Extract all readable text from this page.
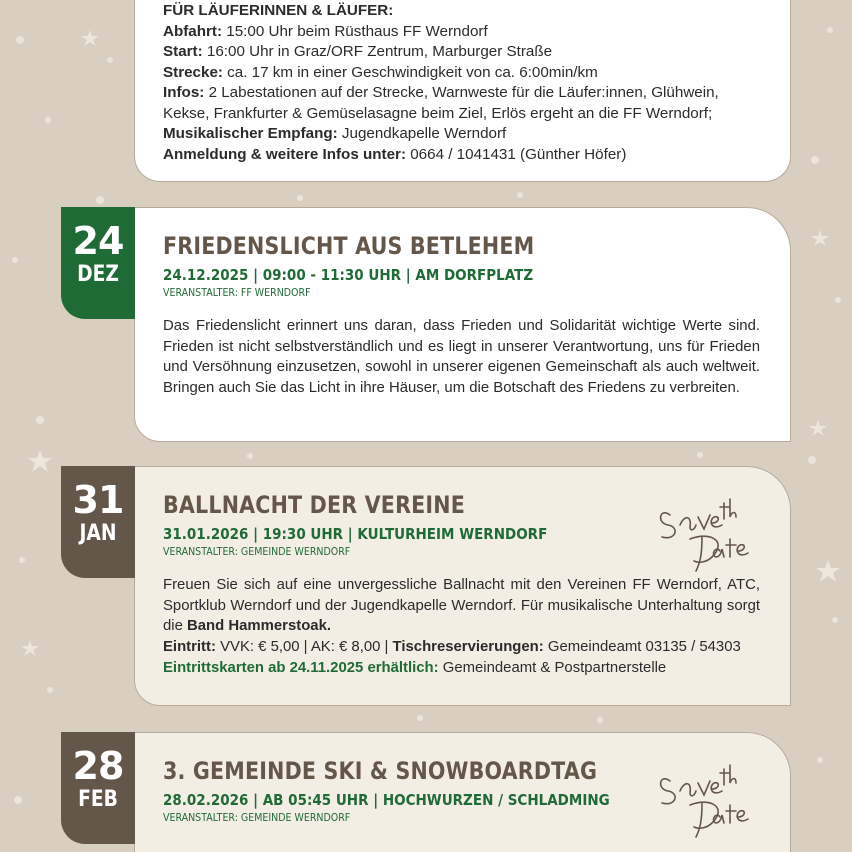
FÜR LÄUFERINNEN & LÄUFER:
Abfahrt: 15:00 Uhr beim Rüsthaus FF Werndorf
Start: 16:00 Uhr in Graz/ORF Zentrum, Marburger Straße
Strecke: ca. 17 km in einer Geschwindigkeit von ca. 6:00min/km
Infos: 2 Labestationen auf der Strecke, Warnweste für die Läufer:innen, Glühwein,
Kekse, Frankfurter & Gemüselasagne beim Ziel, Erlös ergeht an die FF Werndorf;
Musikalischer Empfang: Jugendkapelle Werndorf
Anmeldung & weitere Infos unter: 0664 / 1041431 (Günther Höfer)
FRIEDENSLICHT AUS BETLEHEM
24.12.2025 | 09:00 - 11:30 UHR | AM DORFPLATZ
VERANSTALTER: FF WERNDORF
Das Friedenslicht erinnert uns daran, dass Frieden und Solidarität wichtige Werte sind. Frieden ist nicht selbstverständlich und es liegt in unserer Verantwortung, uns für Frieden und Versöhnung einzusetzen, sowohl in unserer eigenen Gemeinschaft als auch weltweit. Bringen auch Sie das Licht in ihre Häuser, um die Botschaft des Friedens zu verbreiten.
24
DEZ
BALLNACHT DER VEREINE
31.01.2026 | 19:30 UHR | KULTURHEIM WERNDORF
VERANSTALTER: GEMEINDE WERNDORF
Freuen Sie sich auf eine unvergessliche Ballnacht mit den Vereinen FF Werndorf, ATC, Sportklub Werndorf und der Jugendkapelle Werndorf. Für musikalische Unterhaltung sorgt die Band Hammerstoak.
Eintritt: VVK: € 5,00 | AK: € 8,00 | Tischreservierungen: Gemeindeamt 03135 / 54303
Eintrittskarten ab 24.11.2025 erhältlich: Gemeindeamt & Postpartnerstelle
31
JAN
3. GEMEINDE SKI & SNOWBOARDTAG
28.02.2026 | AB 05:45 UHR | HOCHWURZEN / SCHLADMING
VERANSTALTER: GEMEINDE WERNDORF
28
FEB
